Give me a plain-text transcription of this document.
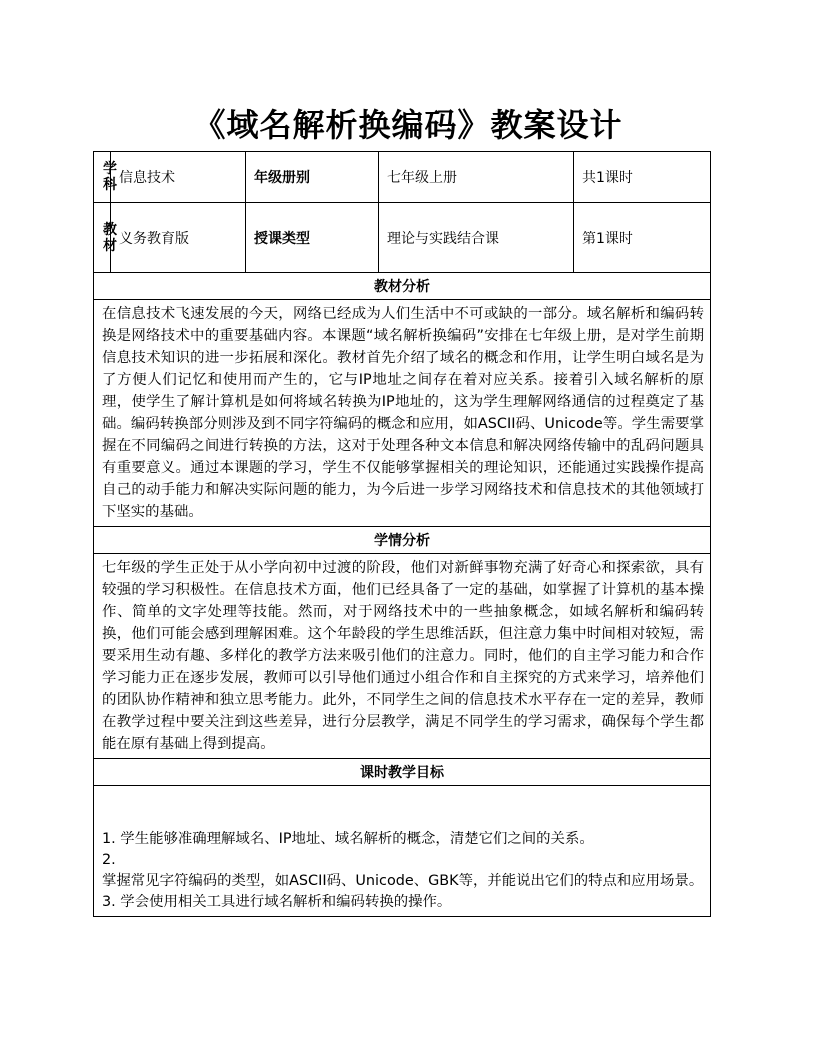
《域名解析换编码》教案设计
学科	信息技术	年级册别	七年级上册	共1课时

教材	义务教育版	授课类型	理论与实践结合课	第1课时
教材分析				
在信息技术飞速发展的今天，网络已经成为人们生活中不可或缺的一部分。域名解析和编码转换是网络技术中的重要基础内容。本课题“域名解析换编码”安排在七年级上册，是对学生前期信息技术知识的进一步拓展和深化。教材首先介绍了域名的概念和作用，让学生明白域名是为了方便人们记忆和使用而产生的，它与IP地址之间存在着对应关系。接着引入域名解析的原理，使学生了解计算机是如何将域名转换为IP地址的，这为学生理解网络通信的过程奠定了基础。编码转换部分则涉及到不同字符编码的概念和应用，如ASCII码、Unicode等。学生需要掌握在不同编码之间进行转换的方法，这对于处理各种文本信息和解决网络传输中的乱码问题具有重要意义。通过本课题的学习，学生不仅能够掌握相关的理论知识，还能通过实践操作提高自己的动手能力和解决实际问题的能力，为今后进一步学习网络技术和信息技术的其他领域打下坚实的基础。				
学情分析				
七年级的学生正处于从小学向初中过渡的阶段，他们对新鲜事物充满了好奇心和探索欲，具有较强的学习积极性。在信息技术方面，他们已经具备了一定的基础，如掌握了计算机的基本操作、简单的文字处理等技能。然而，对于网络技术中的一些抽象概念，如域名解析和编码转换，他们可能会感到理解困难。这个年龄段的学生思维活跃，但注意力集中时间相对较短，需要采用生动有趣、多样化的教学方法来吸引他们的注意力。同时，他们的自主学习能力和合作学习能力正在逐步发展，教师可以引导他们通过小组合作和自主探究的方式来学习，培养他们的团队协作精神和独立思考能力。此外，不同学生之间的信息技术水平存在一定的差异，教师在教学过程中要关注到这些差异，进行分层教学，满足不同学生的学习需求，确保每个学生都能在原有基础上得到提高。				
课时教学目标				

1. 学生能够准确理解域名、IP地址、域名解析的概念，清楚它们之间的关系。
2.
掌握常见字符编码的类型，如ASCII码、Unicode、GBK等，并能说出它们的特点和应用场景。
3. 学会使用相关工具进行域名解析和编码转换的操作。				
